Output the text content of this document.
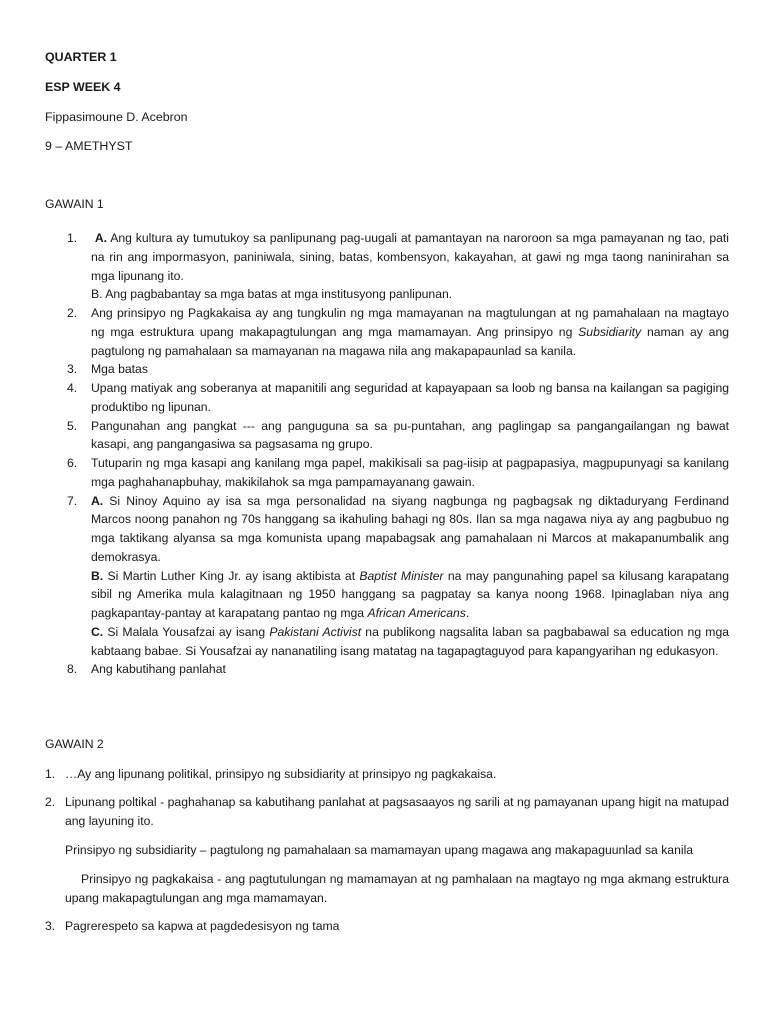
QUARTER 1
ESP WEEK 4
Fippasimoune D. Acebron
9 – AMETHYST
GAWAIN 1
1.	A. Ang kultura ay tumutukoy sa panlipunang pag-uugali at pamantayan na naroroon sa mga pamayanan ng tao, pati na rin ang impormasyon, paniniwala, sining, batas, kombensyon, kakayahan, at gawi ng mga taong naninirahan sa mga lipunang ito.

B. Ang pagbabantay sa mga batas at mga institusyong panlipunan.

2. Ang prinsipyo ng Pagkakaisa ay ang tungkulin ng mga mamayanan na magtulungan at ng pamahalaan na magtayo ng mga estruktura upang makapagtulungan ang mga mamamayan. Ang prinsipyo ng Subsidiarity naman ay ang pagtulong ng pamahalaan sa mamayanan na magawa nila ang makapapaunlad sa kanila.

3. Mga batas

4. Upang matiyak ang soberanya at mapanitili ang seguridad at kapayapaan sa loob ng bansa na kailangan sa pagiging produktibo ng lipunan.

5. Pangunahan ang pangkat --- ang panguguna sa sa pu-puntahan, ang paglingap sa pangangailangan ng bawat kasapi, ang pangangasiwa sa pagsasama ng grupo.

6. Tutuparin ng mga kasapi ang kanilang mga papel, makikisali sa pag-iisip at pagpapasiya, magpupunyagi sa kanilang mga paghahanapbuhay, makikilahok sa mga pampamayanang gawain.

7. A. Si Ninoy Aquino ay isa sa mga personalidad na siyang nagbunga ng pagbagsak ng diktaduryang Ferdinand Marcos noong panahon ng 70s hanggang sa ikahuling bahagi ng 80s. Ilan sa mga nagawa niya ay ang pagbubuo ng mga taktikang alyansa sa mga komunista upang mapabagsak ang pamahalaan ni Marcos at makapanumbalik ang demokrasya.

B. Si Martin Luther King Jr. ay isang aktibista at Baptist Minister na may pangunahing papel sa kilusang karapatang sibil ng Amerika mula kalagitnaan ng 1950 hanggang sa pagpatay sa kanya noong 1968. Ipinaglaban niya ang pagkapantay-pantay at karapatang pantao ng mga African Americans.

C. Si Malala Yousafzai ay isang Pakistani Activist na publikong nagsalita laban sa pagbabawal sa education ng mga kabtaang babae. Si Yousafzai ay nananatiling isang matatag na tagapagtaguyod para kapangyarihan ng edukasyon.

8. Ang kabutihang panlahat

GAWAIN 2

1. …Ay ang lipunang politikal, prinsipyo ng subsidiarity at prinsipyo ng pagkakaisa.

2. Lipunang poltikal - paghahanap sa kabutihang panlahat at pagsasaayos ng sarili at ng pamayanan upang higit na matupad ang layuning ito.

Prinsipyo ng subsidiarity – pagtulong ng pamahalaan sa mamamayan upang magawa ang makapaguunlad sa kanila

Prinsipyo ng pagkakaisa - ang pagtutulungan ng mamamayan at ng pamhalaan na magtayo ng mga akmang estruktura upang makapagtulungan ang mga mamamayan.

3. Pagrerespeto sa kapwa at pagdedesisyon ng tama
